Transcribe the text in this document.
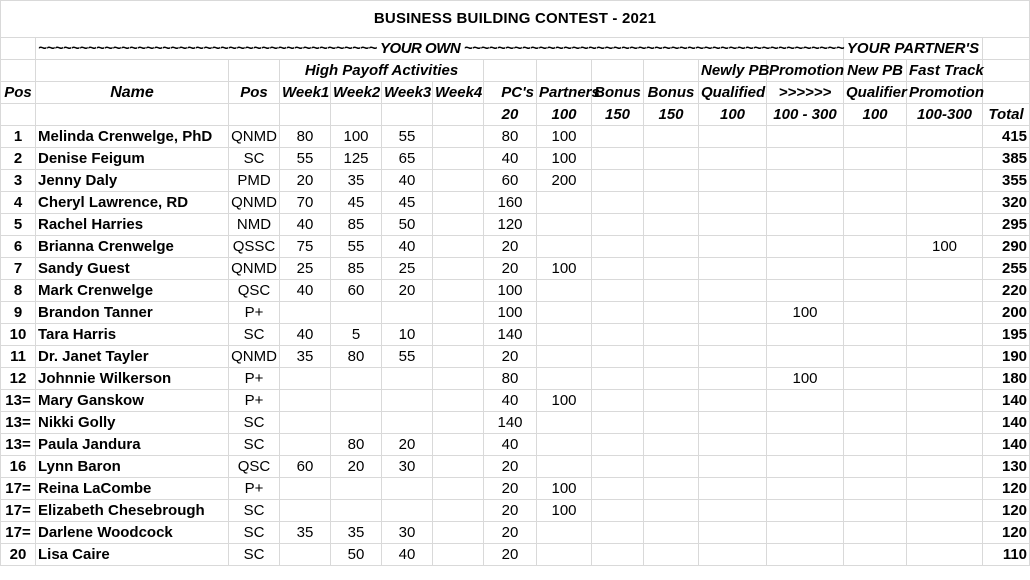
BUSINESS BUILDING CONTEST - 2021															
	~~~~~~~~~~~~~~~~~~~~~~~~~~~~~~~~~~~~~~~~~ YOUR OWN ~~~~~~~~~~~~~~~~~~~~~~~~~~~~~~~~~~~~~~~~~~~~~~												YOUR PARTNER'S		
			High Payoff Activities								Newly PB	Promotion	New PB	Fast Track	
Pos	Name	Pos	Week1	Week2	Week3	Week4	PC's	Partners	Bonus	Bonus	Qualified	>>>>>>	Qualifier	Promotion	
							20	100	150	150	100	100 - 300	100	100-300	Total
1	Melinda Crenwelge, PhD	QNMD	80	100	55		80	100							415
2	Denise Feigum	SC	55	125	65		40	100							385
3	Jenny Daly	PMD	20	35	40		60	200							355
4	Cheryl Lawrence, RD	QNMD	70	45	45		160								320
5	Rachel Harries	NMD	40	85	50		120								295
6	Brianna Crenwelge	QSSC	75	55	40		20							100	290
7	Sandy Guest	QNMD	25	85	25		20	100							255
8	Mark Crenwelge	QSC	40	60	20		100								220
9	Brandon Tanner	P+					100					100			200
10	Tara Harris	SC	40	5	10		140								195
11	Dr. Janet Tayler	QNMD	35	80	55		20								190
12	Johnnie Wilkerson	P+					80					100			180
13=	Mary Ganskow	P+					40	100							140
13=	Nikki Golly	SC					140								140
13=	Paula Jandura	SC		80	20		40								140
16	Lynn Baron	QSC	60	20	30		20								130
17=	Reina LaCombe	P+					20	100							120
17=	Elizabeth Chesebrough	SC					20	100							120
17=	Darlene Woodcock	SC	35	35	30		20								120
20	Lisa Caire	SC		50	40		20								110
